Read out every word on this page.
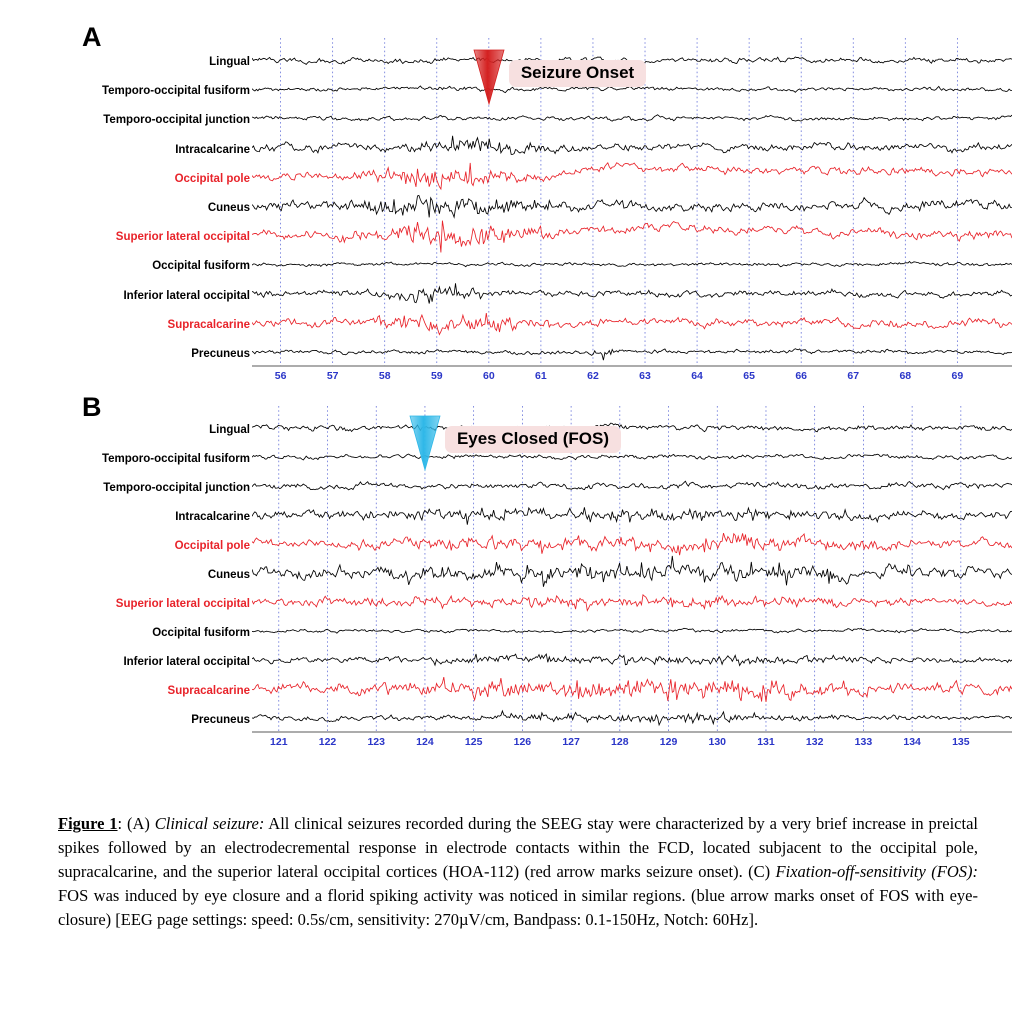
A
Lingual
Temporo-occipital fusiform
Temporo-occipital junction
Intracalcarine
Occipital pole
Cuneus
Superior lateral occipital
Occipital fusiform
Inferior lateral occipital
Supracalcarine
Precuneus
56	57	58	59	60	61	62	63	64	65	66	67	68	69
Seizure Onset
B
Lingual
Temporo-occipital fusiform
Temporo-occipital junction
Intracalcarine
Occipital pole
Cuneus
Superior lateral occipital
Occipital fusiform
Inferior lateral occipital
Supracalcarine
Precuneus
121	122	123	124	125	126	127	128	129	130	131	132	133	134	135
Eyes Closed (FOS)
Figure 1: (A) Clinical seizure: All clinical seizures recorded during the SEEG stay were characterized by a very brief increase in preictal spikes followed by an electrodecremental response in electrode contacts within the FCD, located subjacent to the occipital pole, supracalcarine, and the superior lateral occipital cortices (HOA-112) (red arrow marks seizure onset). (C) Fixation-off-sensitivity (FOS): FOS was induced by eye closure and a florid spiking activity was noticed in similar regions. (blue arrow marks onset of FOS with eye-closure) [EEG page settings: speed: 0.5s/cm, sensitivity: 270µV/cm, Bandpass: 0.1-150Hz, Notch: 60Hz].
